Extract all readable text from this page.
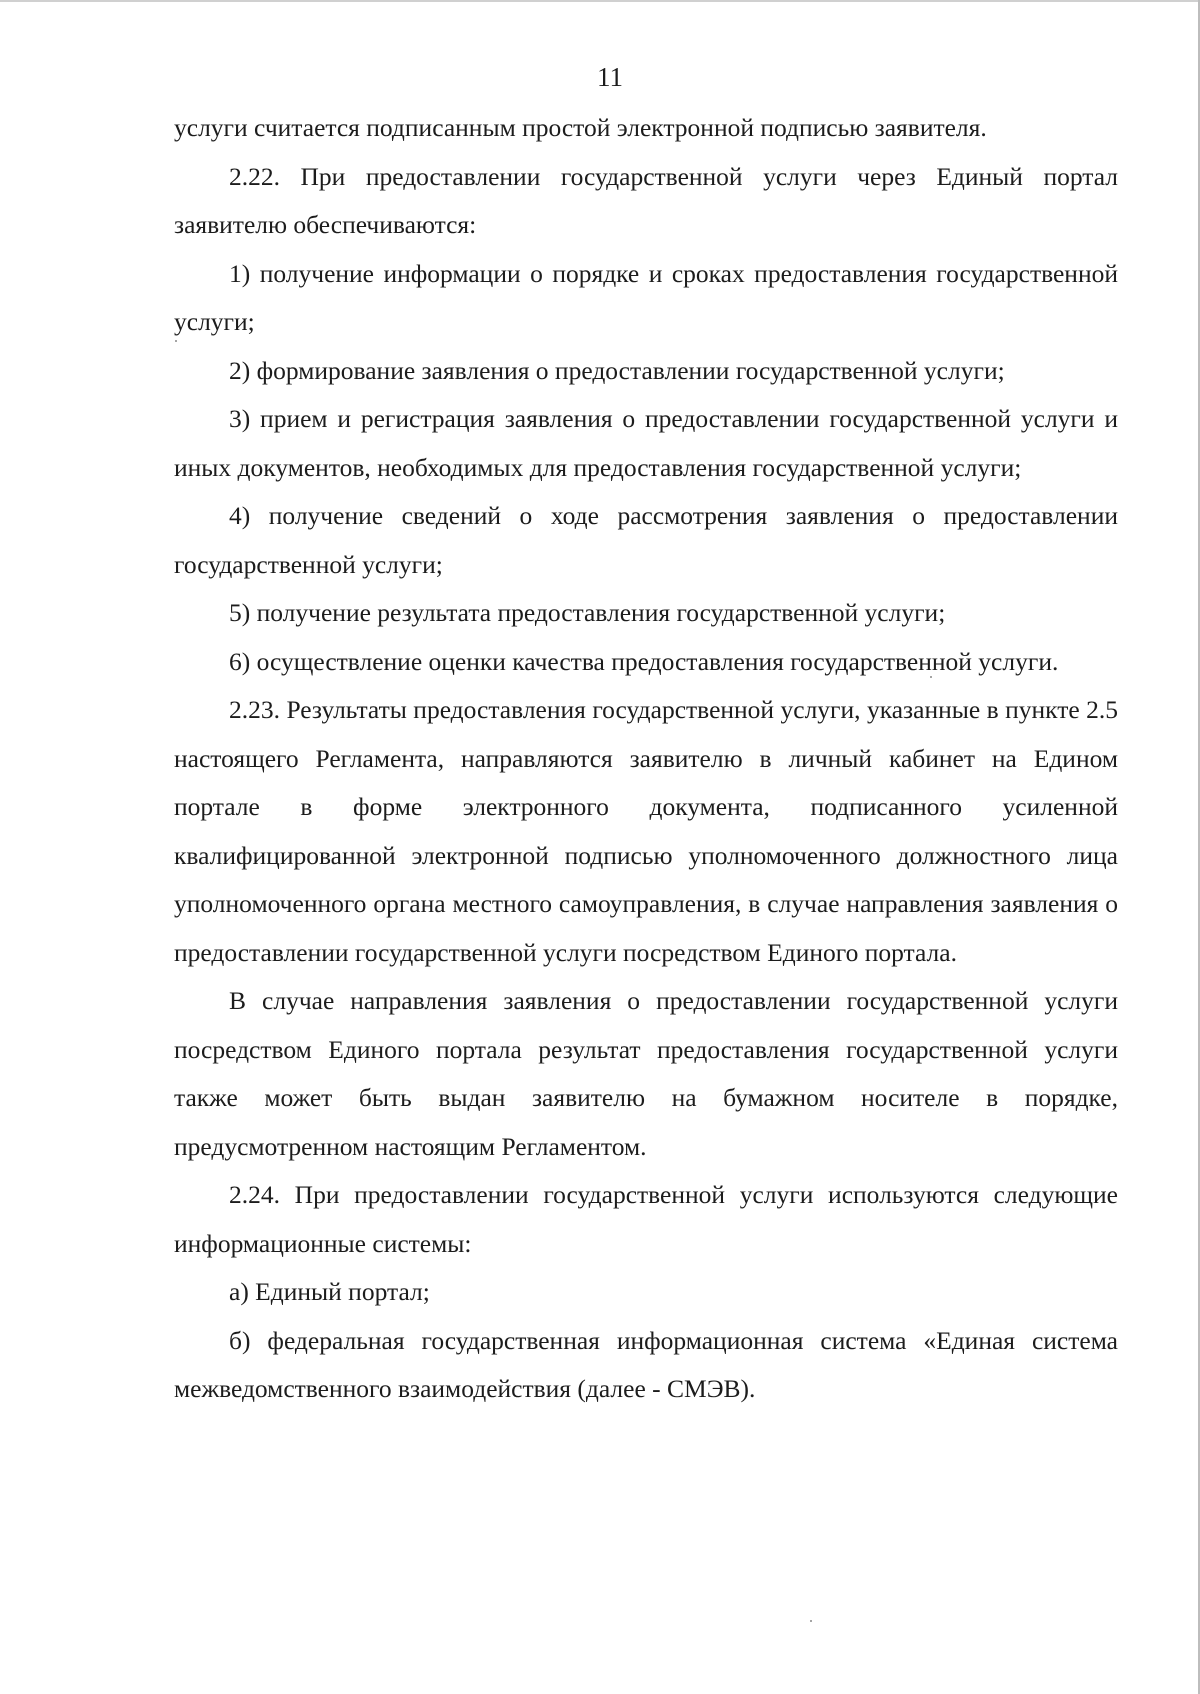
11

услуги считается подписанным простой электронной подписью заявителя.

2.22. При предоставлении государственной услуги через Единый портал заявителю обеспечиваются:

1) получение информации о порядке и сроках предоставления государственной услуги;

2) формирование заявления о предоставлении государственной услуги;

3) прием и регистрация заявления о предоставлении государственной услуги и иных документов, необходимых для предоставления государственной услуги;

4) получение сведений о ходе рассмотрения заявления о предоставлении государственной услуги;

5) получение результата предоставления государственной услуги;

6) осуществление оценки качества предоставления государственной услуги.

2.23. Результаты предоставления государственной услуги, указанные в пункте 2.5 настоящего Регламента, направляются заявителю в личный кабинет на Едином портале в форме электронного документа, подписанного усиленной квалифицированной электронной подписью уполномоченного должностного лица уполномоченного органа местного самоуправления, в случае направления заявления о предоставлении государственной услуги посредством Единого портала.

В случае направления заявления о предоставлении государственной услуги посредством Единого портала результат предоставления государственной услуги также может быть выдан заявителю на бумажном носителе в порядке, предусмотренном настоящим Регламентом.

2.24. При предоставлении государственной услуги используются следующие информационные системы:

а) Единый портал;

б) федеральная государственная информационная система «Единая система межведомственного взаимодействия (далее - СМЭВ).
